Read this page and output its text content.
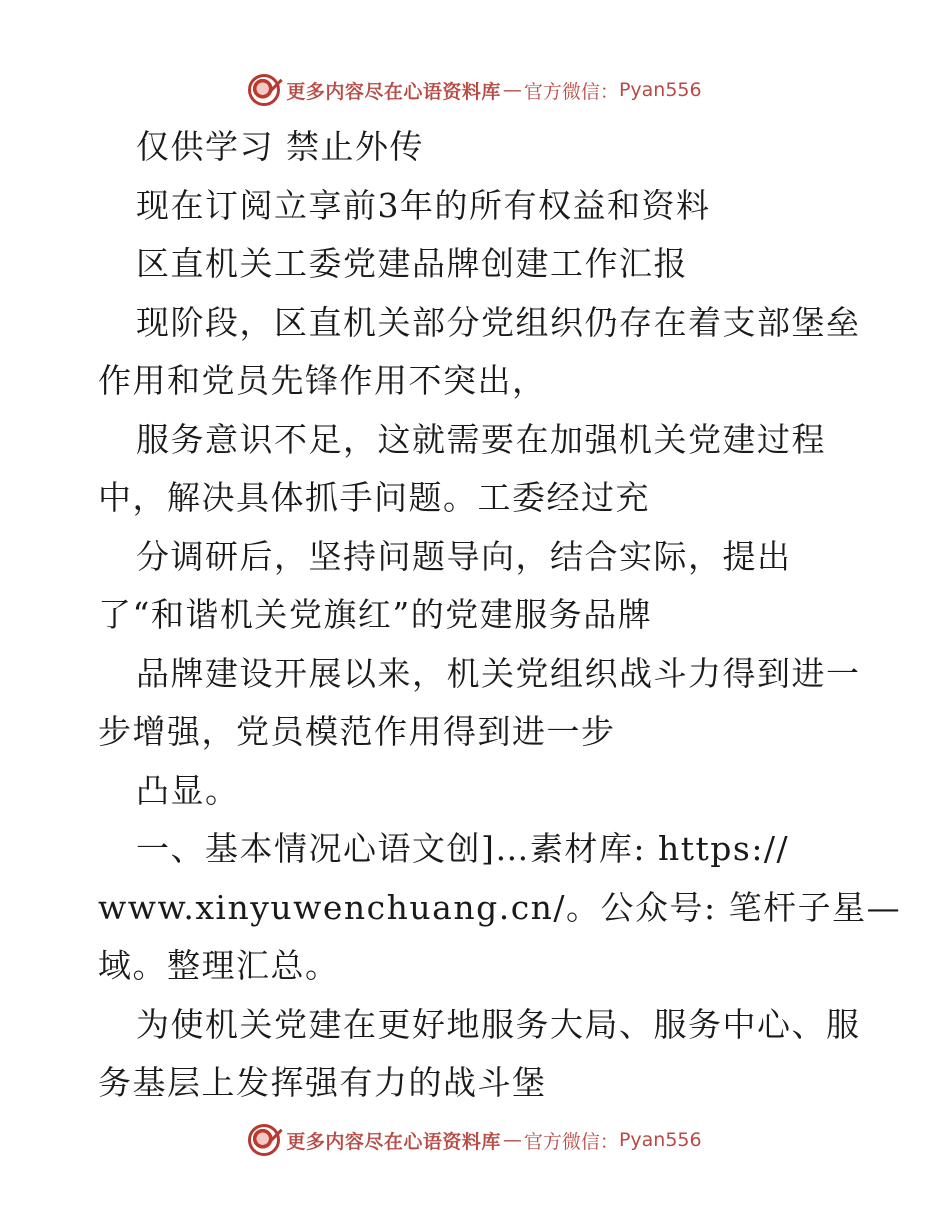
更多内容尽在心语资料库 — 官方微信： Pyan556
仅供学习 禁止外传
现在订阅立享前3年的所有权益和资料
区直机关工委党建品牌创建工作汇报
现阶段，区直机关部分党组织仍存在着支部堡垒
作用和党员先锋作用不突出，
服务意识不足，这就需要在加强机关党建过程
中，解决具体抓手问题。工委经过充
分调研后，坚持问题导向，结合实际，提出
了“和谐机关党旗红”的党建服务品牌
品牌建设开展以来，机关党组织战斗力得到进一
步增强，党员模范作用得到进一步
凸显。
一、基本情况心语文创]…素材库: https://
www.xinyuwenchuang.cn/。公众号: 笔杆子星—
域。整理汇总。
为使机关党建在更好地服务大局、服务中心、服
务基层上发挥强有力的战斗堡
更多内容尽在心语资料库 — 官方微信： Pyan556
